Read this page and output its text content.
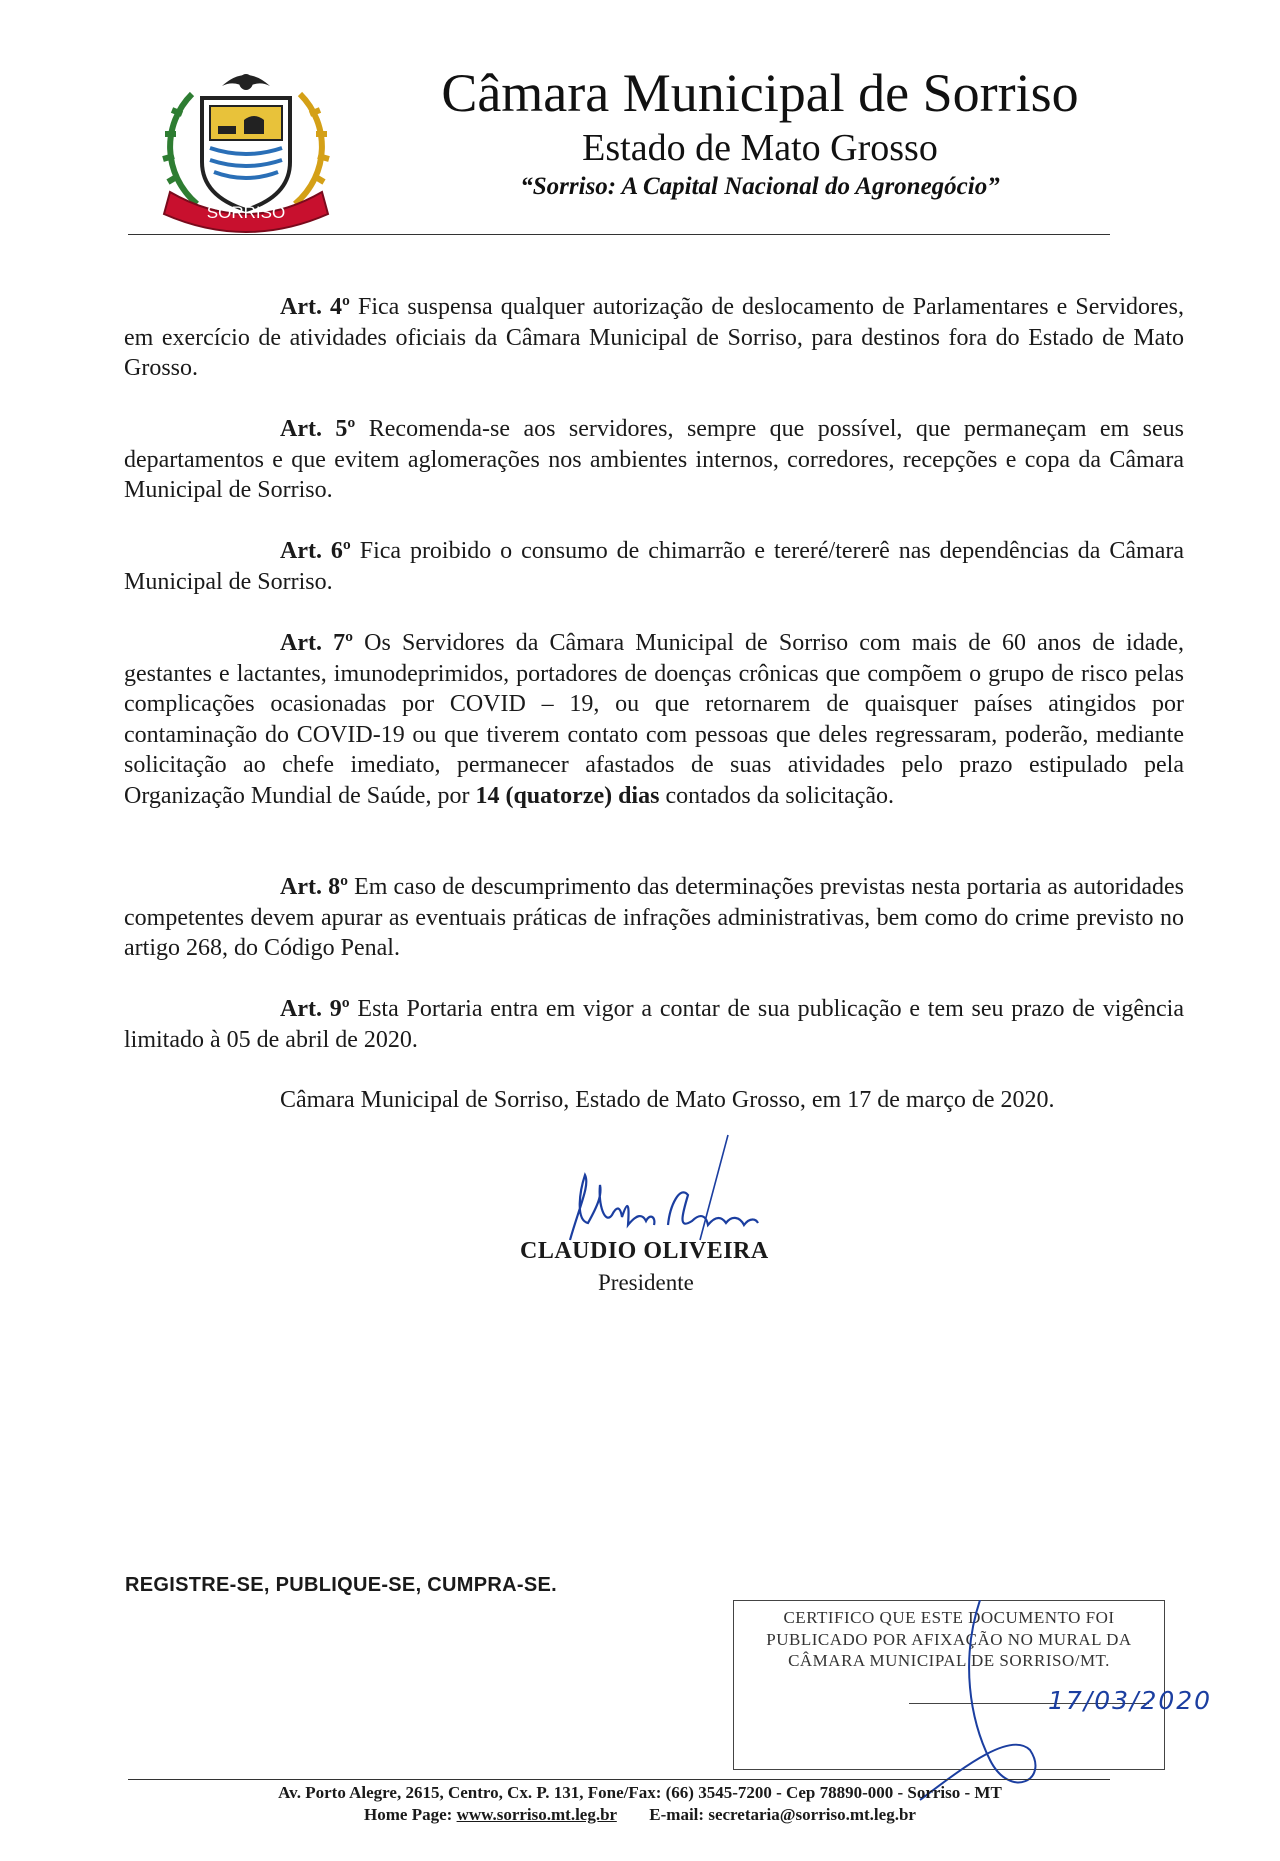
SORRISO
Câmara Municipal de Sorriso
Estado de Mato Grosso
“Sorriso: A Capital Nacional do Agronegócio”

Art. 4º Fica suspensa qualquer autorização de deslocamento de Parlamentares e Servidores, em exercício de atividades oficiais da Câmara Municipal de Sorriso, para destinos fora do Estado de Mato Grosso.

Art. 5º Recomenda-se aos servidores, sempre que possível, que permaneçam em seus departamentos e que evitem aglomerações nos ambientes internos, corredores, recepções e copa da Câmara Municipal de Sorriso.

Art. 6º Fica proibido o consumo de chimarrão e tereré/tererê nas dependências da Câmara Municipal de Sorriso.

Art. 7º Os Servidores da Câmara Municipal de Sorriso com mais de 60 anos de idade, gestantes e lactantes, imunodeprimidos, portadores de doenças crônicas que compõem o grupo de risco pelas complicações ocasionadas por COVID – 19, ou que retornarem de quaisquer países atingidos por contaminação do COVID-19 ou que tiverem contato com pessoas que deles regressaram, poderão, mediante solicitação ao chefe imediato, permanecer afastados de suas atividades pelo prazo estipulado pela Organização Mundial de Saúde, por 14 (quatorze) dias contados da solicitação.

Art. 8º Em caso de descumprimento das determinações previstas nesta portaria as autoridades competentes devem apurar as eventuais práticas de infrações administrativas, bem como do crime previsto no artigo 268, do Código Penal.

Art. 9º Esta Portaria entra em vigor a contar de sua publicação e tem seu prazo de vigência limitado à 05 de abril de 2020.

Câmara Municipal de Sorriso, Estado de Mato Grosso, em 17 de março de 2020.
CLAUDIO OLIVEIRA
Presidente
REGISTRE-SE, PUBLIQUE-SE, CUMPRA-SE.
CERTIFICO QUE ESTE DOCUMENTO FOI
PUBLICADO POR AFIXAÇÃO NO MURAL DA
CÂMARA MUNICIPAL DE SORRISO/MT.
17/03/2020
Av. Porto Alegre, 2615, Centro, Cx. P. 131, Fone/Fax: (66) 3545-7200 - Cep 78890-000 - Sorriso - MT
Home Page: www.sorriso.mt.leg.br E-mail: secretaria@sorriso.mt.leg.br
